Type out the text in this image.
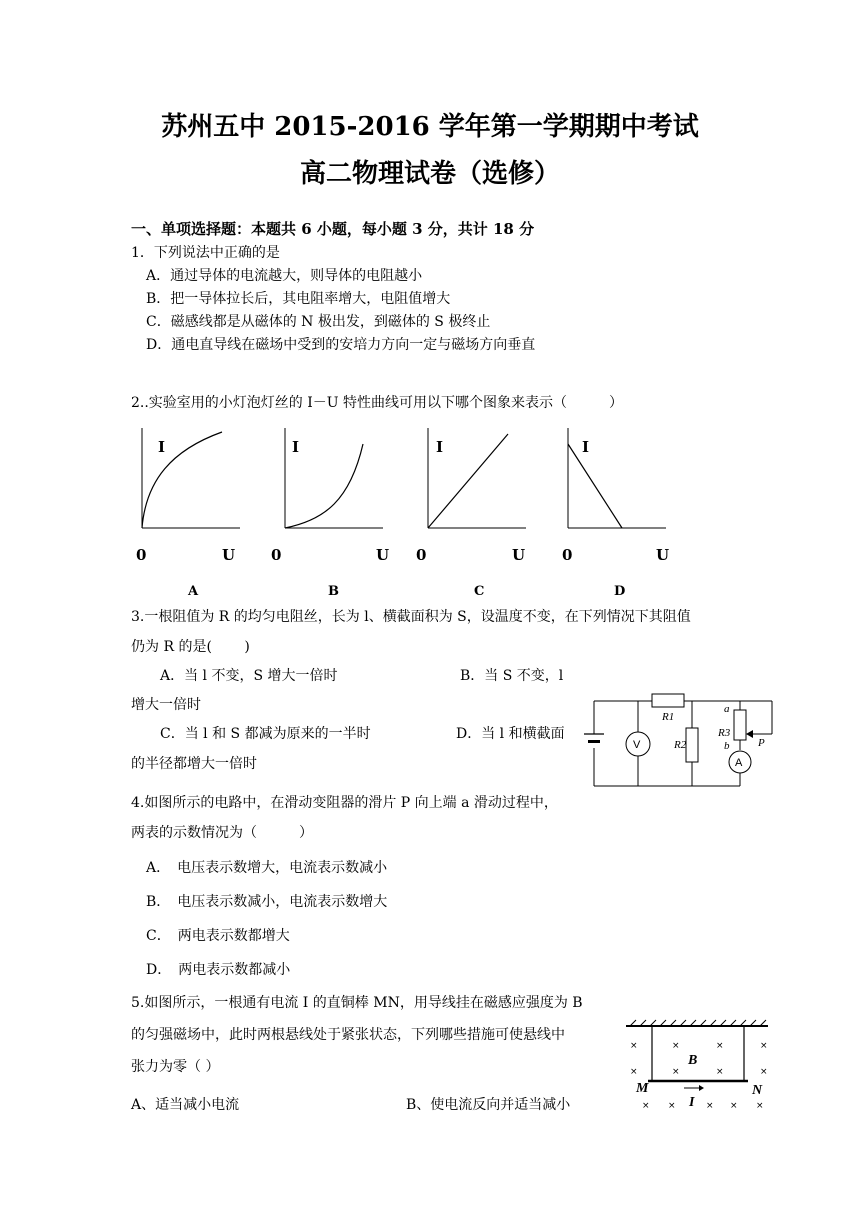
苏州五中 2015-2016 学年第一学期期中考试
高二物理试卷（选修）
一、单项选择题：本题共 6 小题，每小题 3 分，共计 18 分
1．下列说法中正确的是
A．通过导体的电流越大，则导体的电阻越小
B．把一导体拉长后，其电阻率增大，电阻值增大
C．磁感线都是从磁体的 N 极出发，到磁体的 S 极终止
D．通电直导线在磁场中受到的安培力方向一定与磁场方向垂直
2..实验室用的小灯泡灯丝的 I－U 特性曲线可用以下哪个图象来表示（　　　）
I
0	U
A
I
0	U
B
I
0	U
C
I
0	U
D
3.一根阻值为 R 的均匀电阻丝，长为 l、横截面积为 S，设温度不变，在下列情况下其阻值
仍为 R 的是(　　 )
A．当 l 不变，S 增大一倍时	B．当 S 不变，l
增大一倍时
C．当 l 和 S 都减为原来的一半时	D．当 l 和横截面
的半径都增大一倍时
R1
R2
R3
a
b	P
V
A
4.如图所示的电路中，在滑动变阻器的滑片 P 向上端 a 滑动过程中，
两表的示数情况为（　　　）
A．　电压表示数增大，电流表示数减小
B．　电压表示数减小，电流表示数增大
C．　两电表示数都增大
D．　两电表示数都减小
5.如图所示，一根通有电流 I 的直铜棒 MN，用导线挂在磁感应强度为 B
的匀强磁场中，此时两根悬线处于紧张状态，下列哪些措施可使悬线中
张力为零（ ）
A、适当减小电流	B、使电流反向并适当减小
×	×	×	×
×	×	×	×
× ×	× × ×
B
M	N
I
